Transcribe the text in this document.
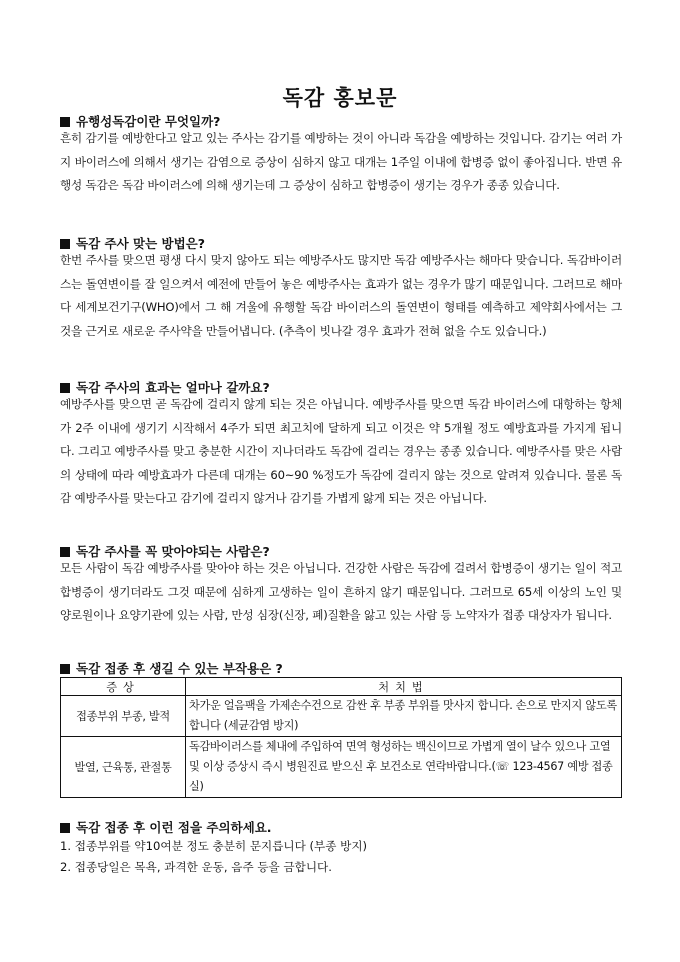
독감 홍보문
유행성독감이란 무엇일까?
흔히 감기를 예방한다고 알고 있는 주사는 감기를 예방하는 것이 아니라 독감을 예방하는 것입니다. 감기는 여러 가지 바이러스에 의해서 생기는 감염으로 증상이 심하지 않고 대개는 1주일 이내에 합병증 없이 좋아집니다. 반면 유행성 독감은 독감 바이러스에 의해 생기는데 그 증상이 심하고 합병증이 생기는 경우가 종종 있습니다.
독감 주사 맞는 방법은?
한번 주사를 맞으면 평생 다시 맞지 않아도 되는 예방주사도 많지만 독감 예방주사는 해마다 맞습니다. 독감바이러스는 돌연변이를 잘 일으켜서 예전에 만들어 놓은 예방주사는 효과가 없는 경우가 많기 때문입니다. 그러므로 해마다 세계보건기구(WHO)에서 그 해 겨울에 유행할 독감 바이러스의 돌연변이 형태를 예측하고 제약회사에서는 그것을 근거로 새로운 주사약을 만들어냅니다. (추측이 빗나갈 경우 효과가 전혀 없을 수도 있습니다.)
독감 주사의 효과는 얼마나 갈까요?
예방주사를 맞으면 곧 독감에 걸리지 않게 되는 것은 아닙니다. 예방주사를 맞으면 독감 바이러스에 대항하는 항체가 2주 이내에 생기기 시작해서 4주가 되면 최고치에 달하게 되고 이것은 약 5개월 정도 예방효과를 가지게 됩니다. 그리고 예방주사를 맞고 충분한 시간이 지나더라도 독감에 걸리는 경우는 종종 있습니다. 예방주사를 맞은 사람의 상태에 따라 예방효과가 다른데 대개는 60~90 %정도가 독감에 걸리지 않는 것으로 알려져 있습니다. 물론 독감 예방주사를 맞는다고 감기에 걸리지 않거나 감기를 가볍게 앓게 되는 것은 아닙니다.
독감 주사를 꼭 맞아야되는 사람은?
모든 사람이 독감 예방주사를 맞아야 하는 것은 아닙니다. 건강한 사람은 독감에 걸려서 합병증이 생기는 일이 적고 합병증이 생기더라도 그것 때문에 심하게 고생하는 일이 흔하지 않기 때문입니다. 그러므로 65세 이상의 노인 및 양로원이나 요양기관에 있는 사람, 만성 심장(신장, 폐)질환을 앓고 있는 사람 등 노약자가 접종 대상자가 됩니다.
독감 접종 후 생길 수 있는 부작용은 ?
증상	처치법
접종부위 부종, 발적	차가운 얼음팩을 가제손수건으로 감싼 후 부종 부위를 맛사지 합니다. 손으로 만지지 않도록 합니다 (세균감염 방지)
발열, 근육통, 관절통	독감바이러스를 체내에 주입하여 면역 형성하는 백신이므로 가볍게 열이 날수 있으나 고열 및 이상 증상시 즉시 병원진료 받으신 후 보건소로 연락바랍니다.(☏ 123-4567 예방 접종실)
독감 접종 후 이런 점을 주의하세요.
1. 접종부위를 약10여분 정도 충분히 문지릅니다 (부종 방지)
2. 접종당일은 목욕, 과격한 운동, 음주 등을 금합니다.
